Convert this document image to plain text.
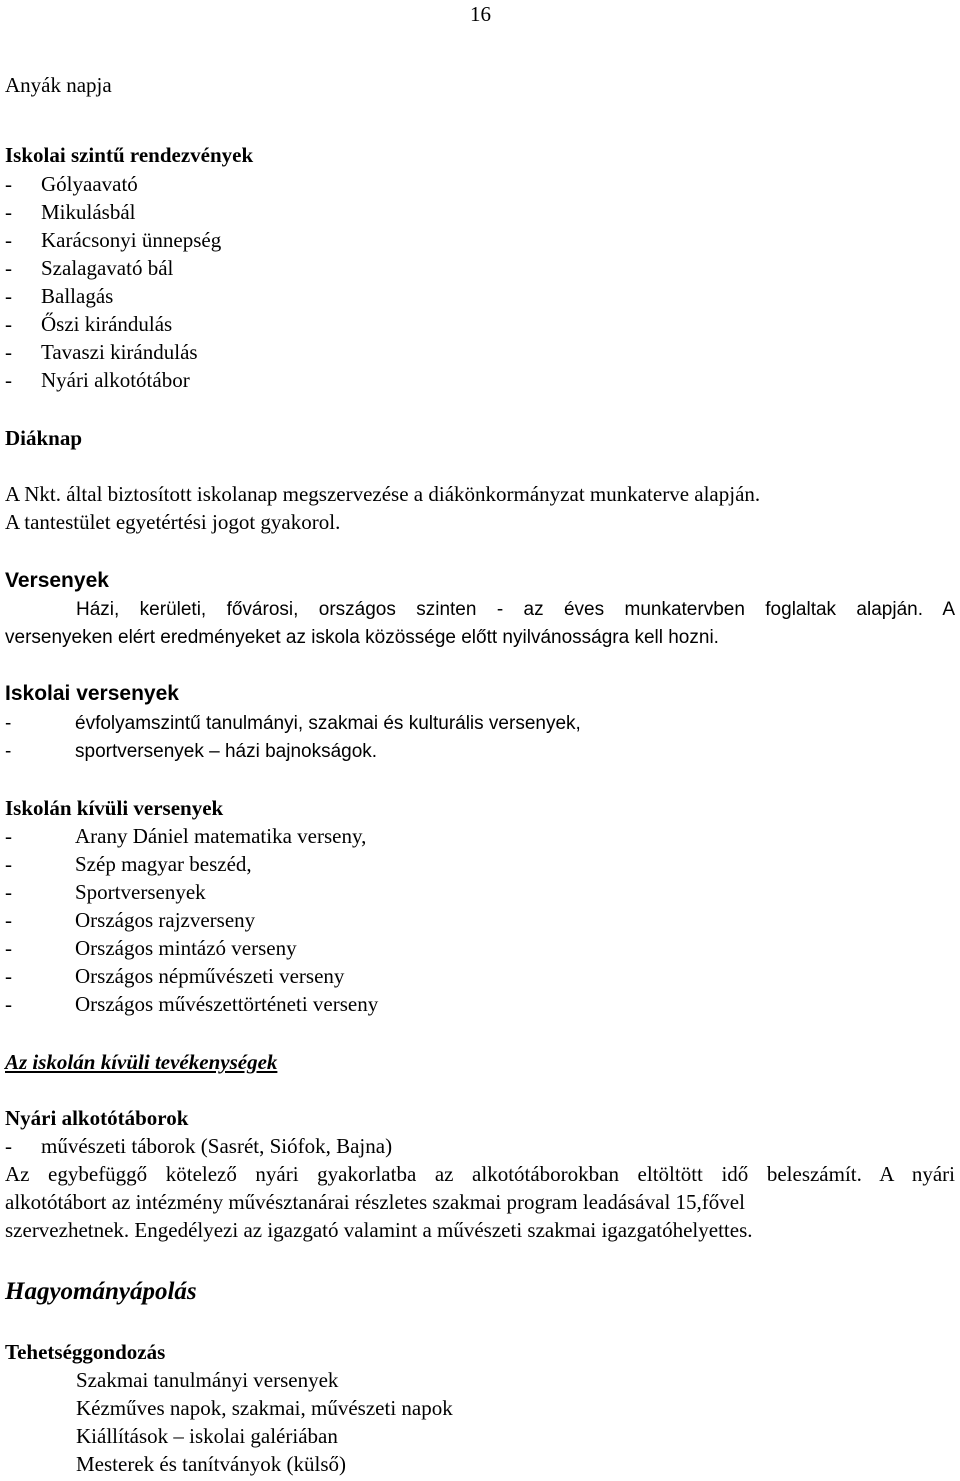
16
Anyák napja
Iskolai szintű rendezvények
- Gólyaavató
- Mikulásbál
- Karácsonyi ünnepség
- Szalagavató bál
- Ballagás
- Őszi kirándulás
- Tavaszi kirándulás
- Nyári alkotótábor
Diáknap
A Nkt. által biztosított iskolanap megszervezése a diákönkormányzat munkaterve alapján.
A tantestület egyetértési jogot gyakorol.
Versenyek
Házi, kerületi, fővárosi, országos szinten - az éves munkatervben foglaltak alapján. A
versenyeken elért eredményeket az iskola közössége előtt nyilvánosságra kell hozni.
Iskolai versenyek
-	évfolyamszintű tanulmányi, szakmai és kulturális versenyek,
-	sportversenyek – házi bajnokságok.
Iskolán kívüli versenyek
-	Arany Dániel matematika verseny,
-	Szép magyar beszéd,
-	Sportversenyek
-	Országos rajzverseny
-	Országos mintázó verseny
-	Országos népművészeti verseny
-	Országos művészettörténeti verseny
Az iskolán kívüli tevékenységek
Nyári alkotótáborok
- művészeti táborok (Sasrét, Siófok, Bajna)
Az egybefüggő kötelező nyári gyakorlatba az alkotótáborokban eltöltött idő beleszámít. A nyári
alkotótábort az intézmény művésztanárai részletes szakmai program leadásával 15,fővel
szervezhetnek. Engedélyezi az igazgató valamint a művészeti szakmai igazgatóhelyettes.
Hagyományápolás
Tehetséggondozás
Szakmai tanulmányi versenyek
Kézműves napok, szakmai, művészeti napok
Kiállítások – iskolai galériában
Mesterek és tanítványok (külső)
